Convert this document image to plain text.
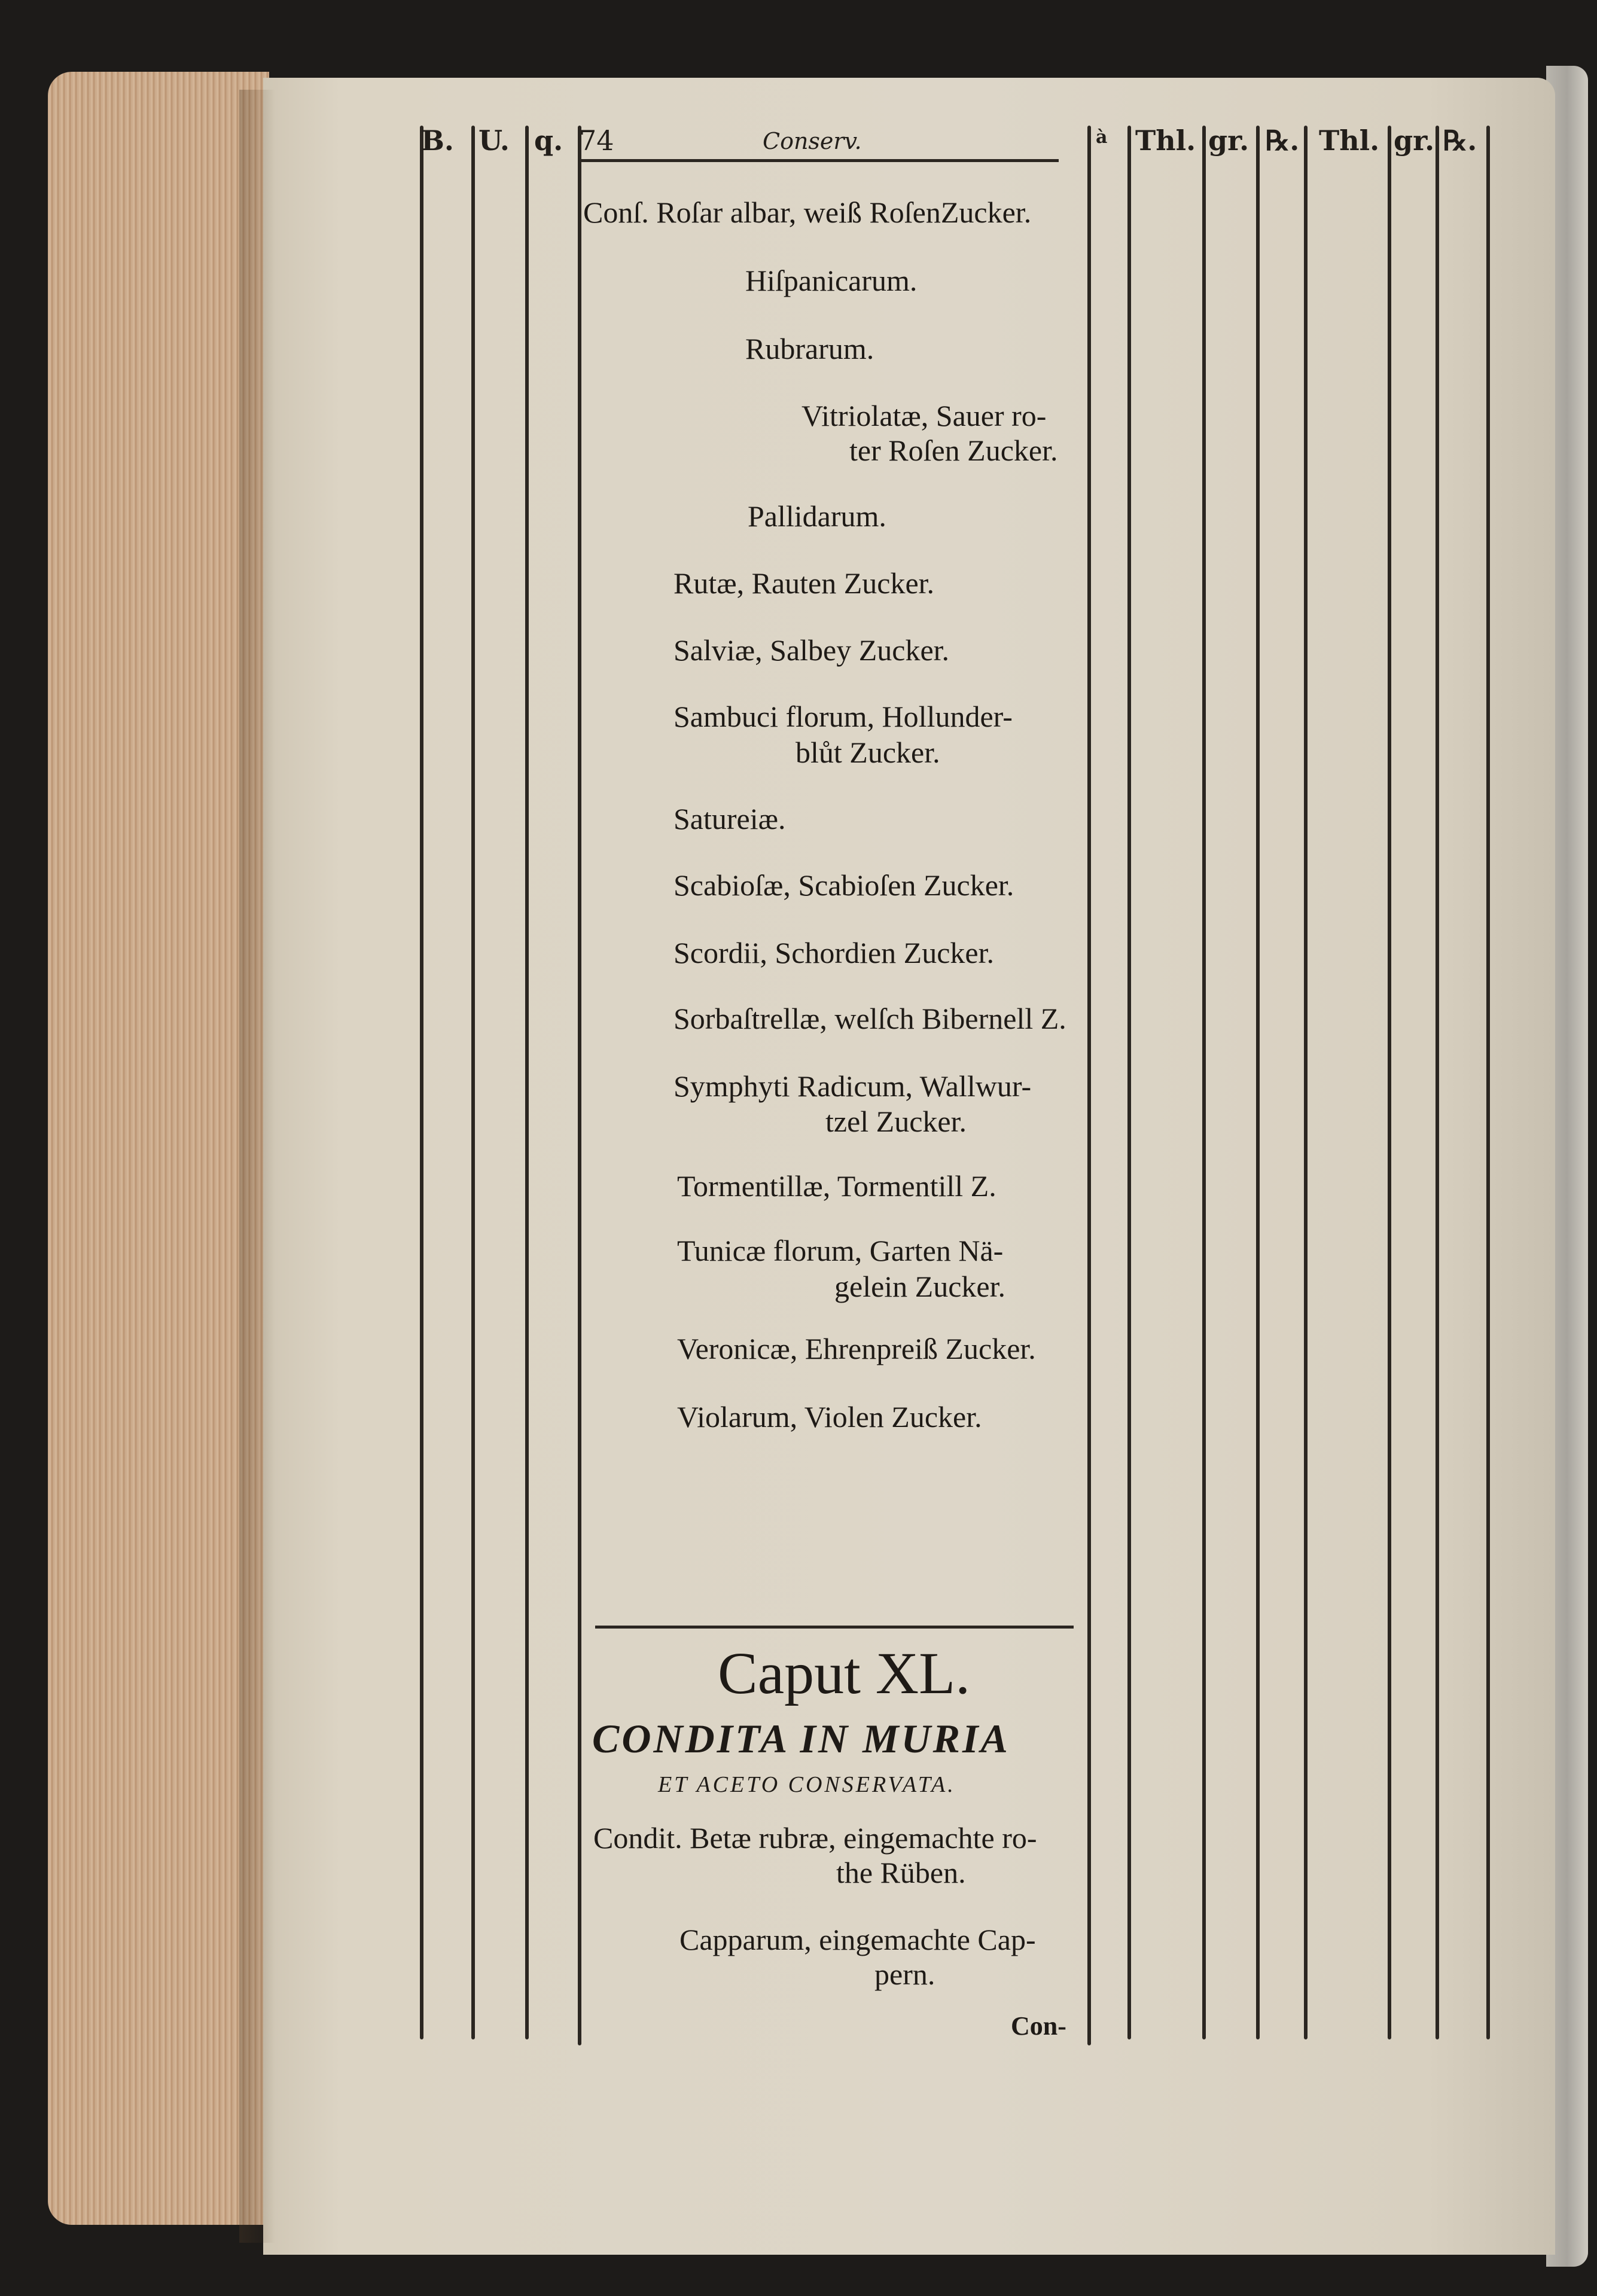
B. U. q. 74	Conserv.	à Thl. gr. ℞. Thl. gr. ℞.
Conſ. Roſar albar, weiß RoſenZucker.
Hiſpanicarum.
Rubrarum.
Vitriolatæ, Sauer ro-
ter Roſen Zucker.
Pallidarum.
Rutæ, Rauten Zucker.
Salviæ, Salbey Zucker.
Sambuci florum, Hollunder-
blůt Zucker.
Satureiæ.
Scabioſæ, Scabioſen Zucker.
Scordii, Schordien Zucker.
Sorbaſtrellæ, welſch Bibernell Z.
Symphyti Radicum, Wallwur-
tzel Zucker.
Tormentillæ, Tormentill Z.
Tunicæ florum, Garten Nä-
gelein Zucker.
Veronicæ, Ehrenpreiß Zucker.
Violarum, Violen Zucker.
Caput XL.
CONDITA IN MURIA
ET ACETO CONSERVATA.
Condit. Betæ rubræ, eingemachte ro-
the Rüben.
Capparum, eingemachte Cap-
pern.
Con-
